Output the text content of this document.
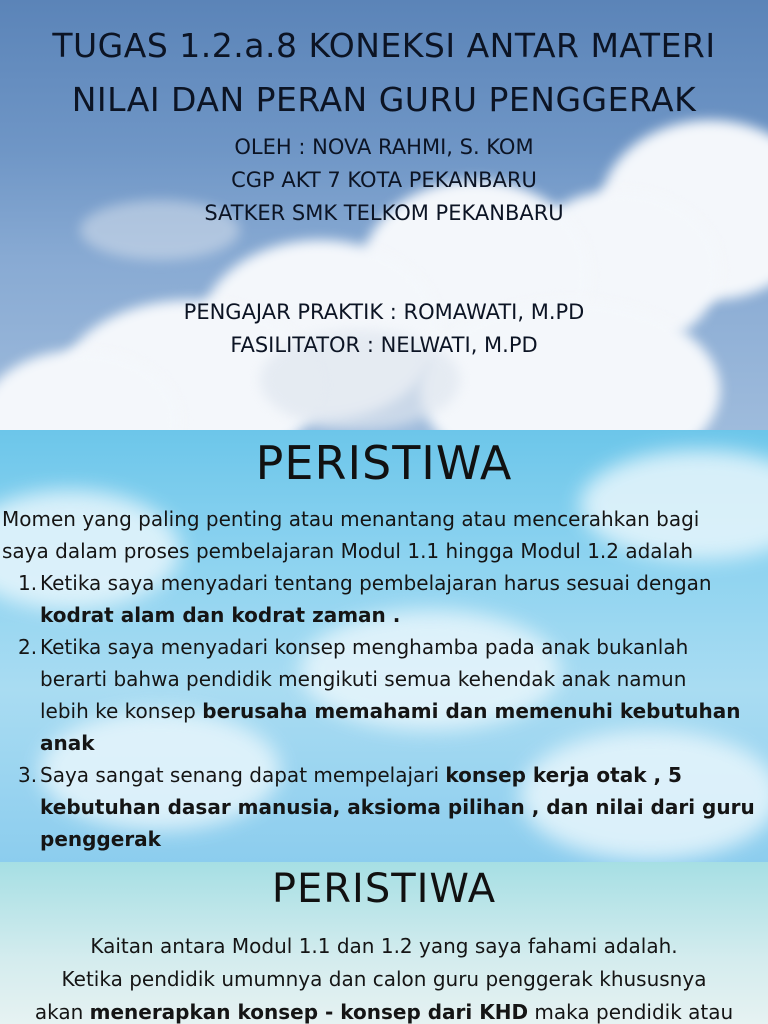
TUGAS 1.2.a.8 KONEKSI ANTAR MATERI
NILAI DAN PERAN GURU PENGGERAK
OLEH : NOVA RAHMI, S. KOM
CGP AKT 7 KOTA PEKANBARU
SATKER SMK TELKOM PEKANBARU
PENGAJAR PRAKTIK : ROMAWATI, M.PD
FASILITATOR : NELWATI, M.PD
PERISTIWA
Momen yang paling penting atau menantang atau mencerahkan bagi
saya dalam proses pembelajaran Modul 1.1 hingga Modul 1.2 adalah
1. Ketika saya menyadari tentang pembelajaran harus sesuai dengan
kodrat alam dan kodrat zaman .
2. Ketika saya menyadari konsep menghamba pada anak bukanlah
berarti bahwa pendidik mengikuti semua kehendak anak namun
lebih ke konsep berusaha memahami dan memenuhi kebutuhan
anak
3. Saya sangat senang dapat mempelajari konsep kerja otak , 5
kebutuhan dasar manusia, aksioma pilihan , dan nilai dari guru
penggerak
PERISTIWA
Kaitan antara Modul 1.1 dan 1.2 yang saya fahami adalah.
Ketika pendidik umumnya dan calon guru penggerak khususnya
akan menerapkan konsep - konsep dari KHD maka pendidik atau
